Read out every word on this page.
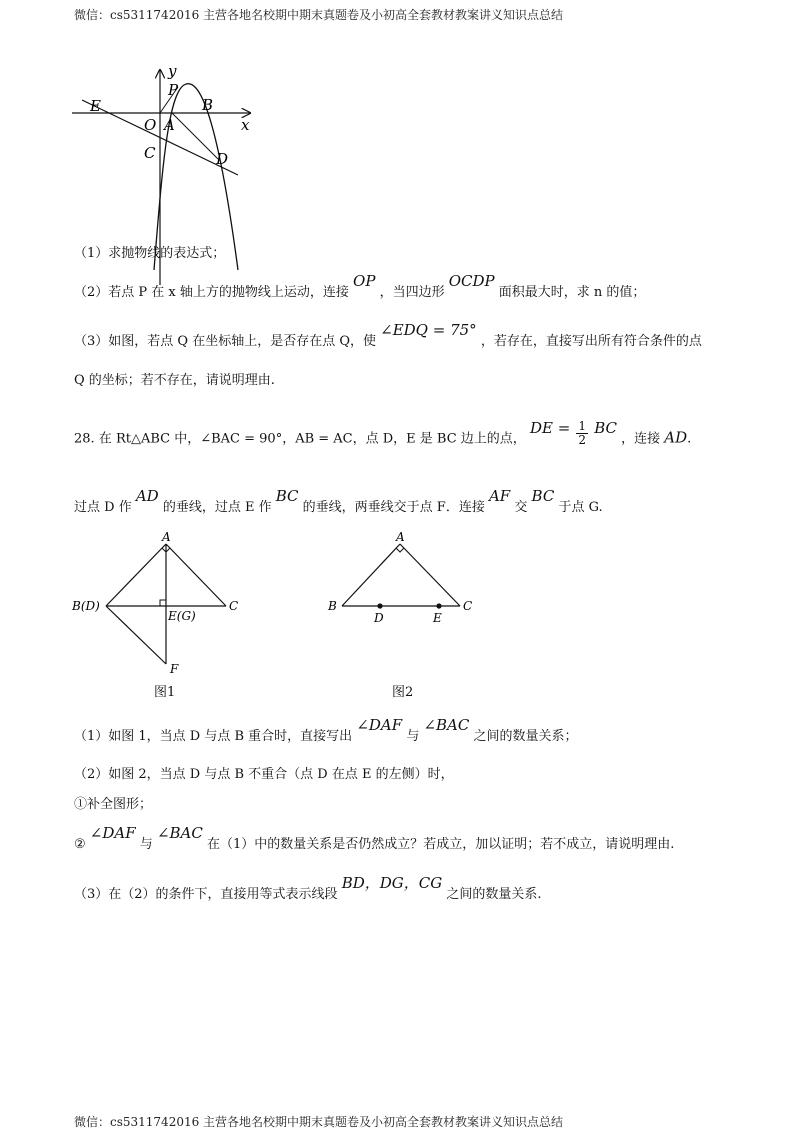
微信：cs5311742016 主营各地名校期中期末真题卷及小初高全套教材教案讲义知识点总结
y
x
E
P
B
O A
C	D
（1）求抛物线的表达式；
（2）若点 P 在 x 轴上方的抛物线上运动，连接 OP ，当四边形 OCDP 面积最大时，求 n 的值；
（3）如图，若点 Q 在坐标轴上，是否存在点 Q，使 ∠EDQ = 75° ，若存在，直接写出所有符合条件的点
Q 的坐标；若不存在，请说明理由.
28. 在 Rt△ABC 中，∠BAC = 90°，AB = AC，点 D，E 是 BC 边上的点， DE = $\frac{1}{2}$ BC ，连接 AD.
过点 D 作 AD 的垂线，过点 E 作 BC 的垂线，两垂线交于点 F．连接 AF 交 BC 于点 G.
A
B(D)
E(G)
C
F
图1
A
B
D	E
C
图2
（1）如图 1，当点 D 与点 B 重合时，直接写出 ∠DAF 与 ∠BAC 之间的数量关系；
（2）如图 2，当点 D 与点 B 不重合（点 D 在点 E 的左侧）时，
①补全图形；
② ∠DAF 与 ∠BAC 在（1）中的数量关系是否仍然成立？若成立，加以证明；若不成立，请说明理由.
（3）在（2）的条件下，直接用等式表示线段 BD，DG，CG 之间的数量关系.
微信：cs5311742016 主营各地名校期中期末真题卷及小初高全套教材教案讲义知识点总结
